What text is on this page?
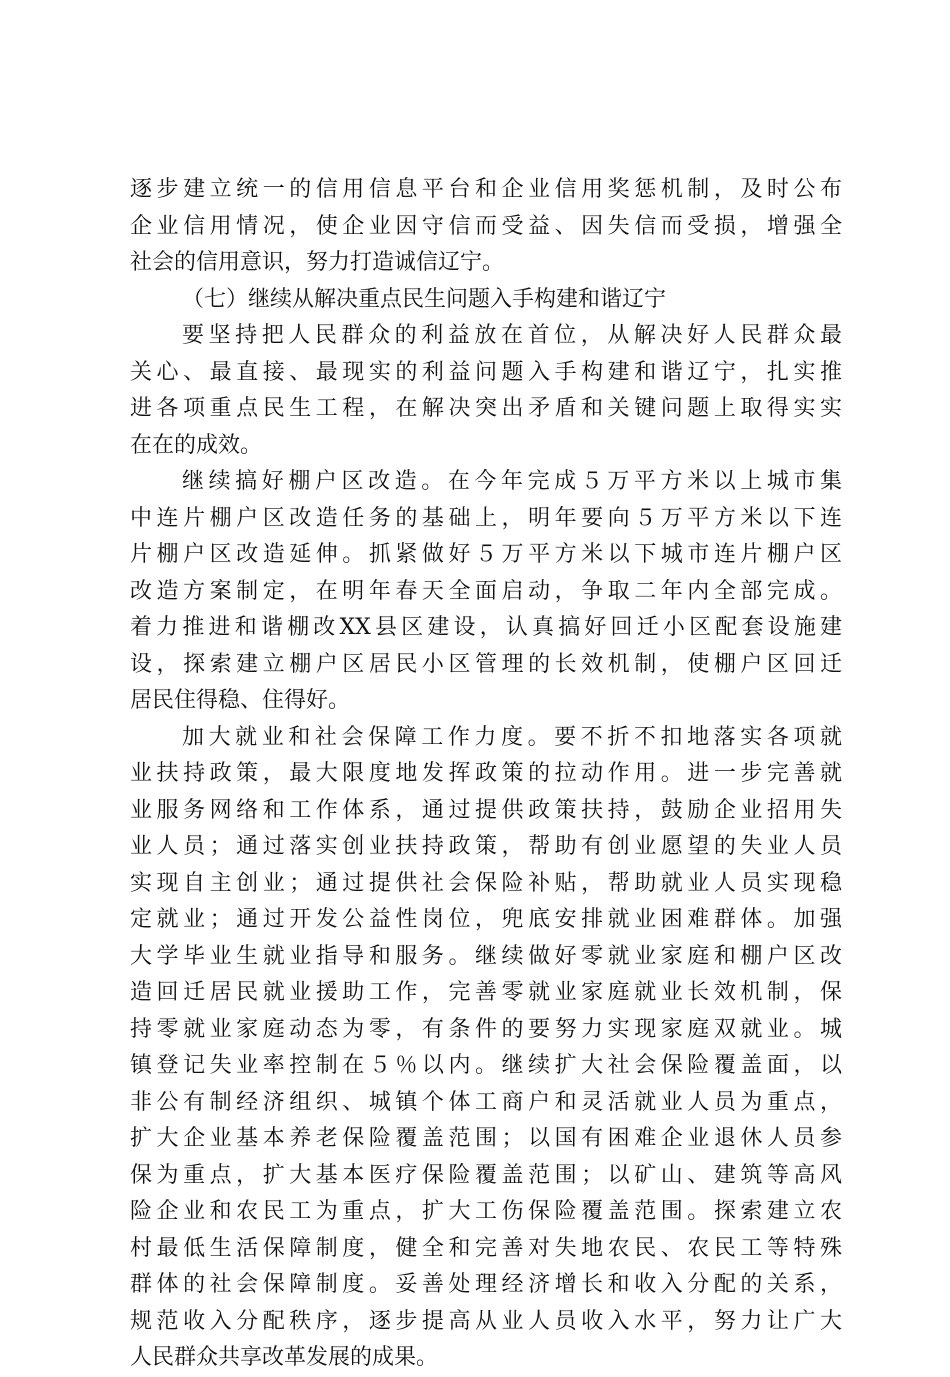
逐步建立统一的信用信息平台和企业信用奖惩机制，及时公布
企业信用情况，使企业因守信而受益、因失信而受损，增强全
社会的信用意识，努力打造诚信辽宁。
（七）继续从解决重点民生问题入手构建和谐辽宁
要坚持把人民群众的利益放在首位，从解决好人民群众最
关心、最直接、最现实的利益问题入手构建和谐辽宁，扎实推
进各项重点民生工程，在解决突出矛盾和关键问题上取得实实
在在的成效。
继续搞好棚户区改造。在今年完成５万平方米以上城市集
中连片棚户区改造任务的基础上，明年要向５万平方米以下连
片棚户区改造延伸。抓紧做好５万平方米以下城市连片棚户区
改造方案制定，在明年春天全面启动，争取二年内全部完成。
着力推进和谐棚改XX县区建设，认真搞好回迁小区配套设施建
设，探索建立棚户区居民小区管理的长效机制，使棚户区回迁
居民住得稳、住得好。
加大就业和社会保障工作力度。要不折不扣地落实各项就
业扶持政策，最大限度地发挥政策的拉动作用。进一步完善就
业服务网络和工作体系，通过提供政策扶持，鼓励企业招用失
业人员；通过落实创业扶持政策，帮助有创业愿望的失业人员
实现自主创业；通过提供社会保险补贴，帮助就业人员实现稳
定就业；通过开发公益性岗位，兜底安排就业困难群体。加强
大学毕业生就业指导和服务。继续做好零就业家庭和棚户区改
造回迁居民就业援助工作，完善零就业家庭就业长效机制，保
持零就业家庭动态为零，有条件的要努力实现家庭双就业。城
镇登记失业率控制在５％以内。继续扩大社会保险覆盖面，以
非公有制经济组织、城镇个体工商户和灵活就业人员为重点，
扩大企业基本养老保险覆盖范围；以国有困难企业退休人员参
保为重点，扩大基本医疗保险覆盖范围；以矿山、建筑等高风
险企业和农民工为重点，扩大工伤保险覆盖范围。探索建立农
村最低生活保障制度，健全和完善对失地农民、农民工等特殊
群体的社会保障制度。妥善处理经济增长和收入分配的关系，
规范收入分配秩序，逐步提高从业人员收入水平，努力让广大
人民群众共享改革发展的成果。
